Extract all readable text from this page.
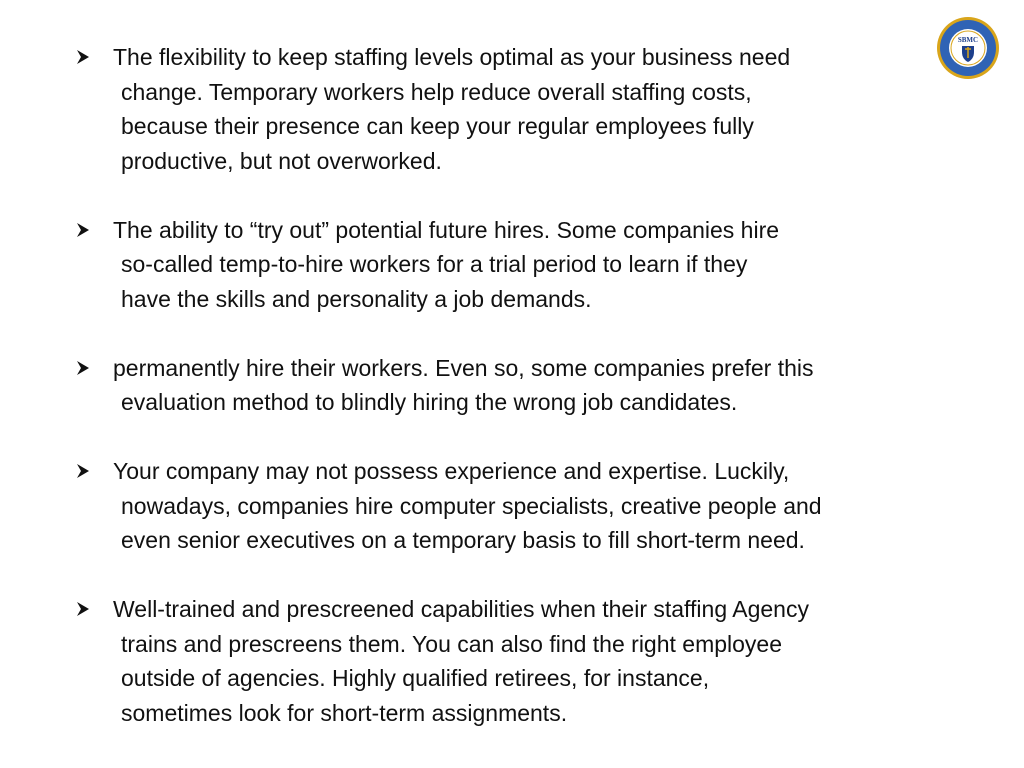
SBMC
The flexibility to keep staffing levels optimal as your business need
change. Temporary workers help reduce overall staffing costs,
because their presence can keep your regular employees fully
productive, but not overworked.
The ability to “try out” potential future hires. Some companies hire
so-called temp-to-hire workers for a trial period to learn if they
have the skills and personality a job demands.
permanently hire their workers. Even so, some companies prefer this
evaluation method to blindly hiring the wrong job candidates.
Your company may not possess experience and expertise. Luckily,
nowadays, companies hire computer specialists, creative people and
even senior executives on a temporary basis to fill short-term need.
Well-trained and prescreened capabilities when their staffing Agency
trains and prescreens them. You can also find the right employee
outside of agencies. Highly qualified retirees, for instance,
sometimes look for short-term assignments.
